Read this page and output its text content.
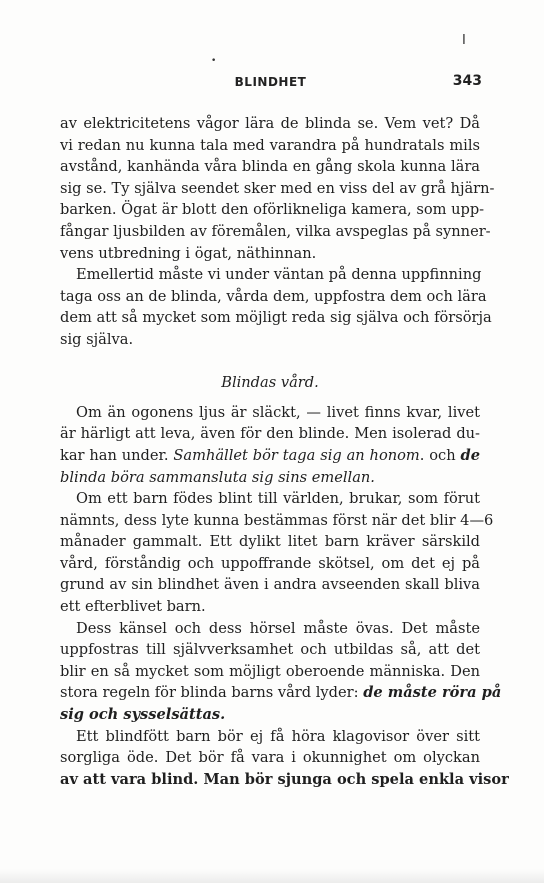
I
•
BLINDHET	343
av elektricitetens vågor lära de blinda se. Vem vet? Då
vi redan nu kunna tala med varandra på hundratals mils
avstånd, kanhända våra blinda en gång skola kunna lära
sig se. Ty själva seendet sker med en viss del av grå hjärn-
barken. Ögat är blott den oförlikneliga kamera, som upp-
fångar ljusbilden av föremålen, vilka avspeglas på synner-
vens utbredning i ögat, näthinnan.
Emellertid måste vi under väntan på denna uppfinning
taga oss an de blinda, vårda dem, uppfostra dem och lära
dem att så mycket som möjligt reda sig själva och försörja
sig själva.
Blindas vård.
Om än ogonens ljus är släckt, — livet finns kvar, livet
är härligt att leva, även för den blinde. Men isolerad du-
kar han under. Samhället bör taga sig an honom. och de
blinda böra sammansluta sig sins emellan.
Om ett barn födes blint till världen, brukar, som förut
nämnts, dess lyte kunna bestämmas först när det blir 4—6
månader gammalt. Ett dylikt litet barn kräver särskild
vård, förståndig och uppoffrande skötsel, om det ej på
grund av sin blindhet även i andra avseenden skall bliva
ett efterblivet barn.
Dess känsel och dess hörsel måste övas. Det måste
uppfostras till självverksamhet och utbildas så, att det
blir en så mycket som möjligt oberoende människa. Den
stora regeln för blinda barns vård lyder: de måste röra på
sig och sysselsättas.
Ett blindfött barn bör ej få höra klagovisor över sitt
sorgliga öde. Det bör få vara i okunnighet om olyckan
av att vara blind. Man bör sjunga och spela enkla visor
